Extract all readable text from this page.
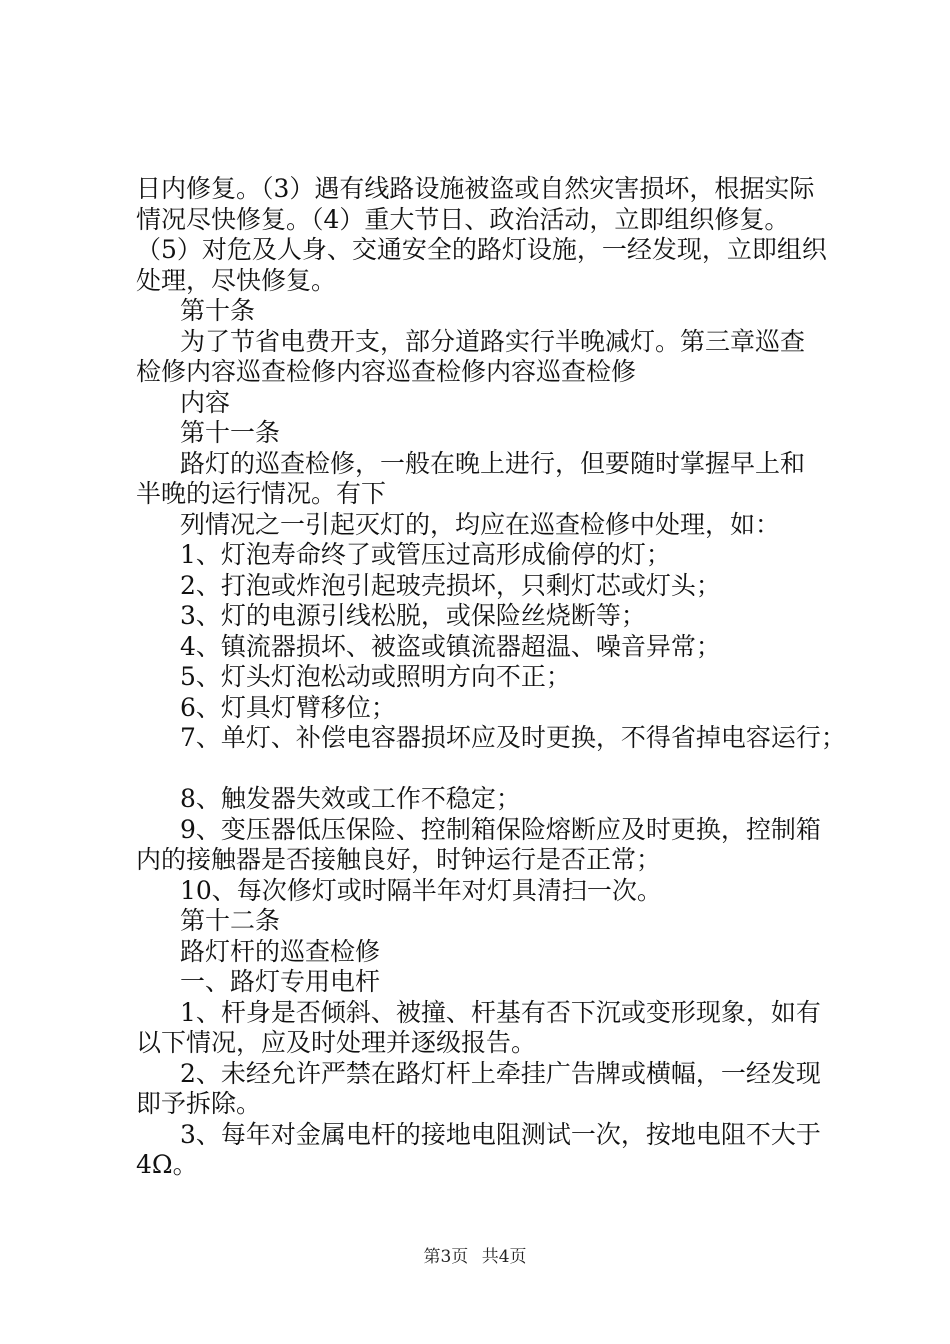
日内修复。（3）遇有线路设施被盗或自然灾害损坏，根据实际
情况尽快修复。（4）重大节日、政治活动，立即组织修复。
（5）对危及人身、交通安全的路灯设施，一经发现，立即组织
处理，尽快修复。
第十条
为了节省电费开支，部分道路实行半晚减灯。第三章巡查
检修内容巡查检修内容巡查检修内容巡查检修
内容
第十一条
路灯的巡查检修，一般在晚上进行，但要随时掌握早上和
半晚的运行情况。有下
列情况之一引起灭灯的，均应在巡查检修中处理，如：
1、灯泡寿命终了或管压过高形成偷停的灯；
2、打泡或炸泡引起玻壳损坏，只剩灯芯或灯头；
3、灯的电源引线松脱，或保险丝烧断等；
4、镇流器损坏、被盗或镇流器超温、噪音异常；
5、灯头灯泡松动或照明方向不正；
6、灯具灯臂移位；
7、单灯、补偿电容器损坏应及时更换，不得省掉电容运行；
8、触发器失效或工作不稳定；
9、变压器低压保险、控制箱保险熔断应及时更换，控制箱
内的接触器是否接触良好，时钟运行是否正常；
10、每次修灯或时隔半年对灯具清扫一次。
第十二条
路灯杆的巡查检修
一、路灯专用电杆
1、杆身是否倾斜、被撞、杆基有否下沉或变形现象，如有
以下情况，应及时处理并逐级报告。
2、未经允许严禁在路灯杆上牵挂广告牌或横幅，一经发现
即予拆除。
3、每年对金属电杆的接地电阻测试一次，按地电阻不大于
4Ω。
第3页 共4页
